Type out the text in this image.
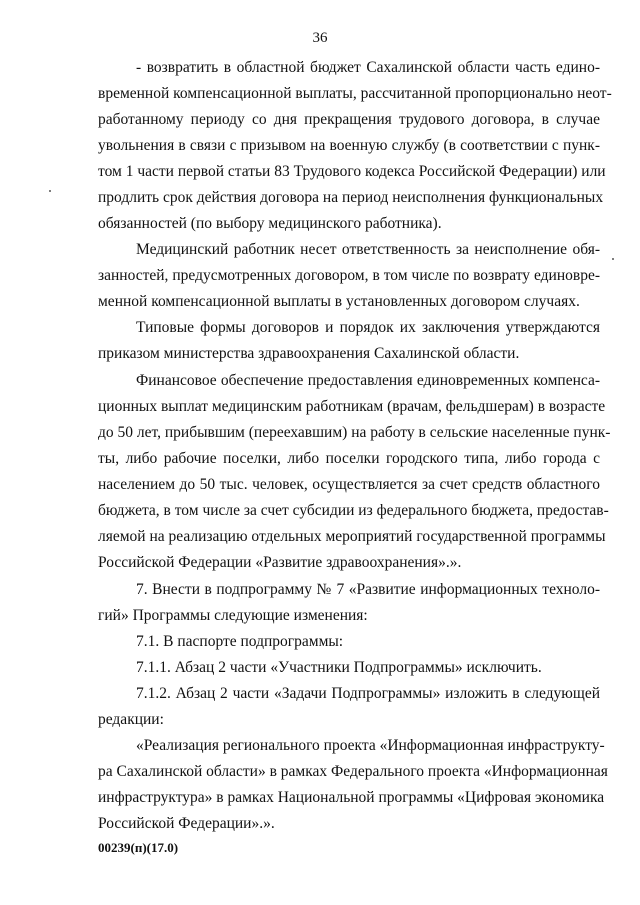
36
- возвратить в областной бюджет Сахалинской области часть едино-
временной компенсационной выплаты, рассчитанной пропорционально неот-
работанному периоду со дня прекращения трудового договора, в случае
увольнения в связи с призывом на военную службу (в соответствии с пунк-
том 1 части первой статьи 83 Трудового кодекса Российской Федерации) или
продлить срок действия договора на период неисполнения функциональных
обязанностей (по выбору медицинского работника).
Медицинский работник несет ответственность за неисполнение обя-
занностей, предусмотренных договором, в том числе по возврату единовре-
менной компенсационной выплаты в установленных договором случаях.
Типовые формы договоров и порядок их заключения утверждаются
приказом министерства здравоохранения Сахалинской области.
Финансовое обеспечение предоставления единовременных компенса-
ционных выплат медицинским работникам (врачам, фельдшерам) в возрасте
до 50 лет, прибывшим (переехавшим) на работу в сельские населенные пунк-
ты, либо рабочие поселки, либо поселки городского типа, либо города с
населением до 50 тыс. человек, осуществляется за счет средств областного
бюджета, в том числе за счет субсидии из федерального бюджета, предостав-
ляемой на реализацию отдельных мероприятий государственной программы
Российской Федерации «Развитие здравоохранения».».
7. Внести в подпрограмму № 7 «Развитие информационных техноло-
гий» Программы следующие изменения:
7.1. В паспорте подпрограммы:
7.1.1. Абзац 2 части «Участники Подпрограммы» исключить.
7.1.2. Абзац 2 части «Задачи Подпрограммы» изложить в следующей
редакции:
«Реализация регионального проекта «Информационная инфраструкту-
ра Сахалинской области» в рамках Федерального проекта «Информационная
инфраструктура» в рамках Национальной программы «Цифровая экономика
Российской Федерации».».
00239(п)(17.0)
